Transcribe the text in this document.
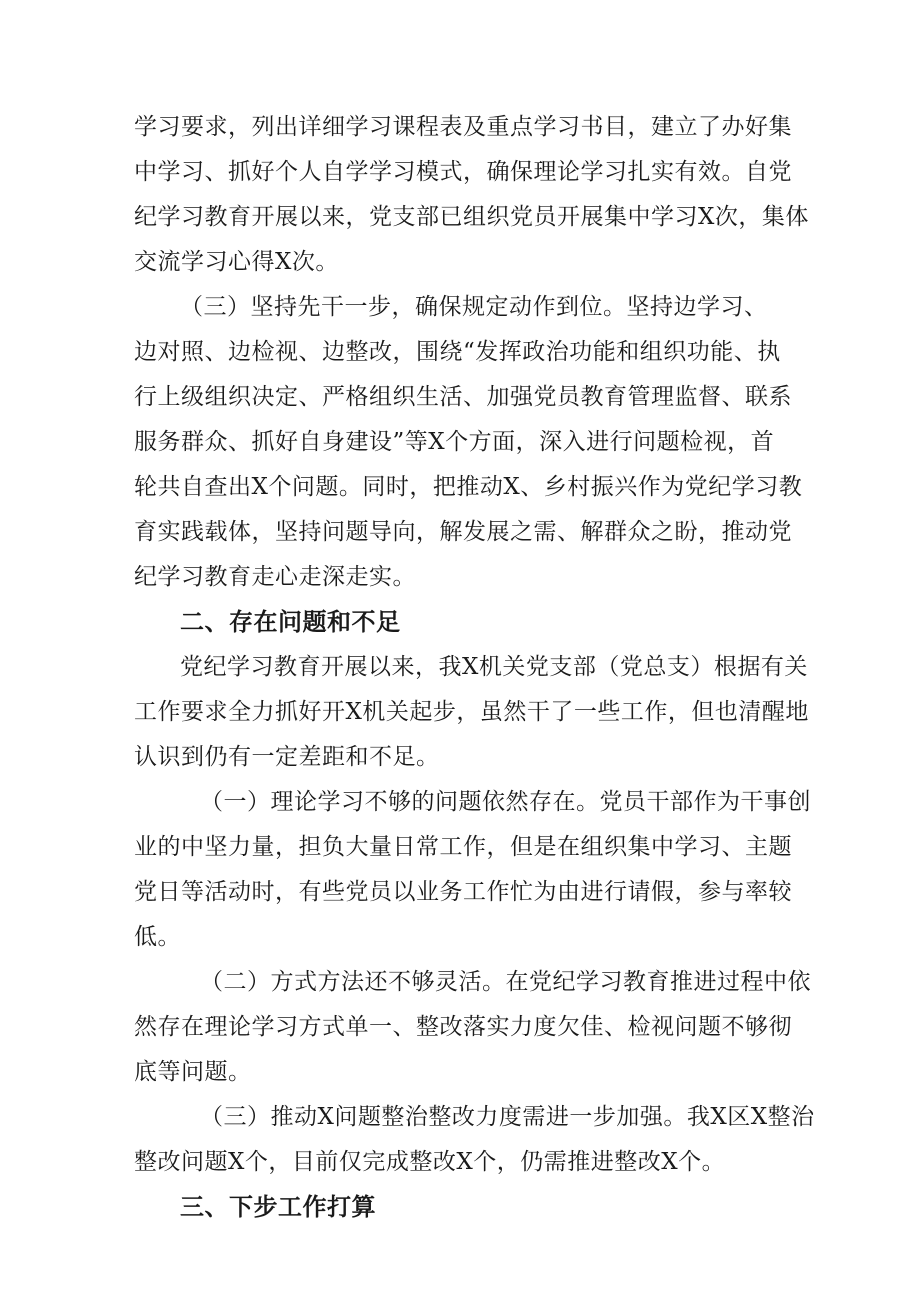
学习要求，列出详细学习课程表及重点学习书目，建立了办好集
中学习、抓好个人自学学习模式，确保理论学习扎实有效。自党
纪学习教育开展以来，党支部已组织党员开展集中学习X次，集体
交流学习心得X次。
（三）坚持先干一步，确保规定动作到位。坚持边学习、
边对照、边检视、边整改，围绕“发挥政治功能和组织功能、执
行上级组织决定、严格组织生活、加强党员教育管理监督、联系
服务群众、抓好自身建设”等X个方面，深入进行问题检视，首
轮共自查出X个问题。同时，把推动X、乡村振兴作为党纪学习教
育实践载体，坚持问题导向，解发展之需、解群众之盼，推动党
纪学习教育走心走深走实。
二、存在问题和不足
党纪学习教育开展以来，我X机关党支部（党总支）根据有关
工作要求全力抓好开X机关起步，虽然干了一些工作，但也清醒地
认识到仍有一定差距和不足。
（一）理论学习不够的问题依然存在。党员干部作为干事创
业的中坚力量，担负大量日常工作，但是在组织集中学习、主题
党日等活动时，有些党员以业务工作忙为由进行请假，参与率较
低。
（二）方式方法还不够灵活。在党纪学习教育推进过程中依
然存在理论学习方式单一、整改落实力度欠佳、检视问题不够彻
底等问题。
（三）推动X问题整治整改力度需进一步加强。我X区X整治
整改问题X个，目前仅完成整改X个，仍需推进整改X个。
三、下步工作打算
